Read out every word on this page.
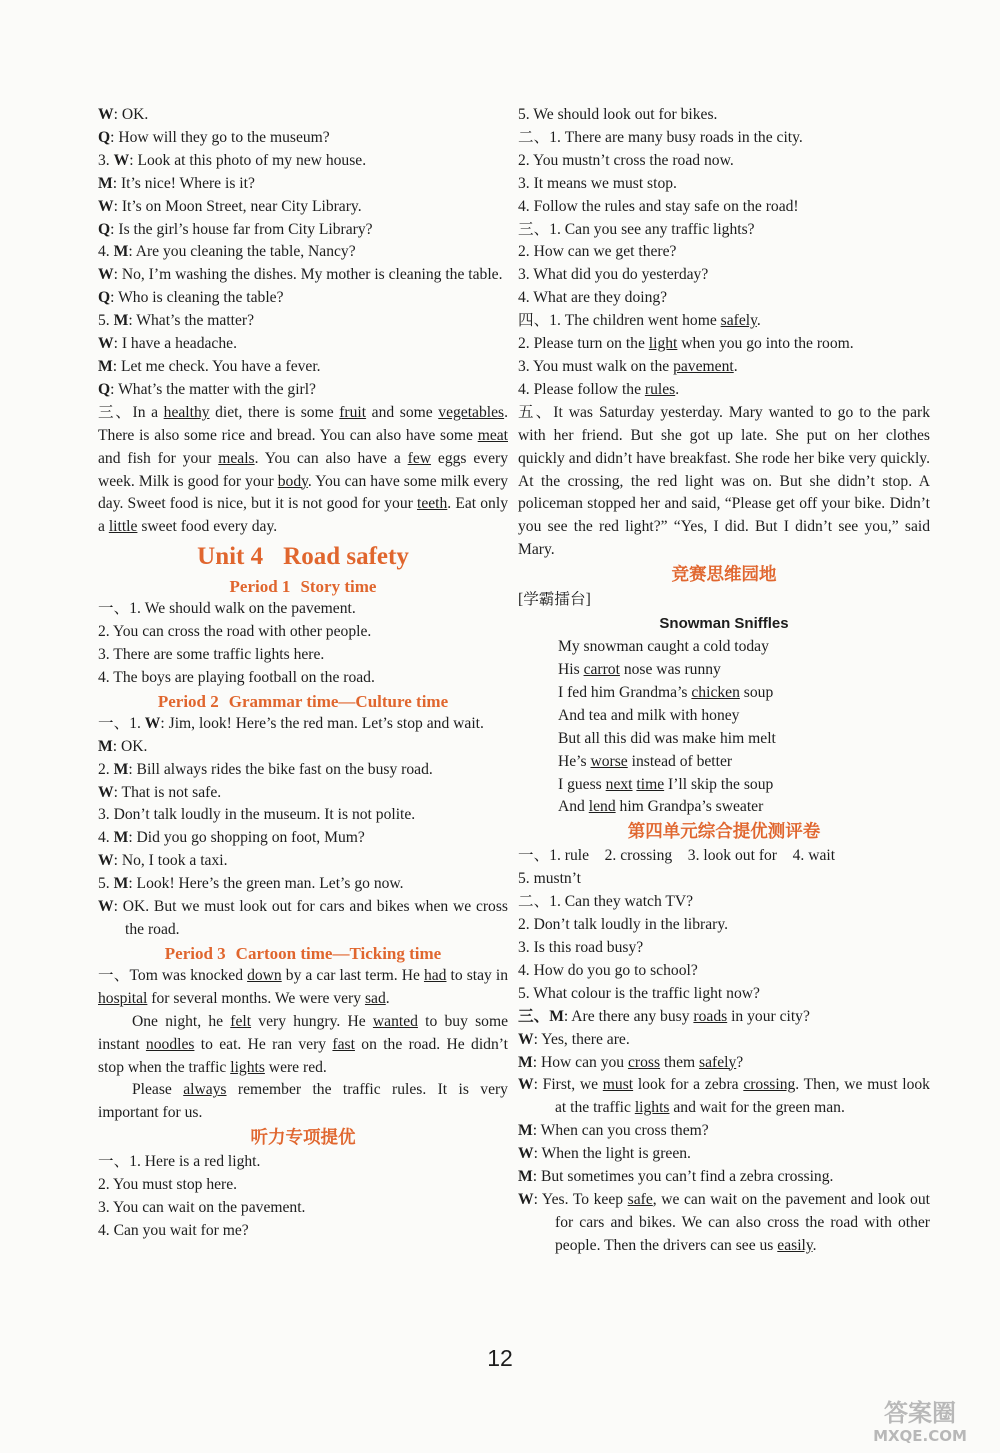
W: OK.
Q: How will they go to the museum?
3. W: Look at this photo of my new house.
M: It’s nice! Where is it?
W: It’s on Moon Street, near City Library.
Q: Is the girl’s house far from City Library?
4. M: Are you cleaning the table, Nancy?
W: No, I’m washing the dishes. My mother is cleaning the table.
Q: Who is cleaning the table?
5. M: What’s the matter?
W: I have a headache.
M: Let me check. You have a fever.
Q: What’s the matter with the girl?
三、In a healthy diet, there is some fruit and some vegetables. There is also some rice and bread. You can also have some meat and fish for your meals. You can also have a few eggs every week. Milk is good for your body. You can have some milk every day. Sweet food is nice, but it is not good for your teeth. Eat only a little sweet food every day.
Unit 4 Road safety
Period 1 Story time
一、1. We should walk on the pavement.
2. You can cross the road with other people.
3. There are some traffic lights here.
4. The boys are playing football on the road.
Period 2 Grammar time—Culture time
一、1. W: Jim, look! Here’s the red man. Let’s stop and wait.
M: OK.
2. M: Bill always rides the bike fast on the busy road.
W: That is not safe.
3. Don’t talk loudly in the museum. It is not polite.
4. M: Did you go shopping on foot, Mum?
W: No, I took a taxi.
5. M: Look! Here’s the green man. Let’s go now.
W: OK. But we must look out for cars and bikes when we cross the road.
Period 3 Cartoon time—Ticking time
一、Tom was knocked down by a car last term. He had to stay in hospital for several months. We were very sad.
One night, he felt very hungry. He wanted to buy some instant noodles to eat. He ran very fast on the road. He didn’t stop when the traffic lights were red.
Please always remember the traffic rules. It is very important for us.
听力专项提优
一、1. Here is a red light.
2. You must stop here.
3. You can wait on the pavement.
4. Can you wait for me?
5. We should look out for bikes.
二、1. There are many busy roads in the city.
2. You mustn’t cross the road now.
3. It means we must stop.
4. Follow the rules and stay safe on the road!
三、1. Can you see any traffic lights?
2. How can we get there?
3. What did you do yesterday?
4. What are they doing?
四、1. The children went home safely.
2. Please turn on the light when you go into the room.
3. You must walk on the pavement.
4. Please follow the rules.
五、It was Saturday yesterday. Mary wanted to go to the park with her friend. But she got up late. She put on her clothes quickly and didn’t have breakfast. She rode her bike very quickly. At the crossing, the red light was on. But she didn’t stop. A policeman stopped her and said, “Please get off your bike. Didn’t you see the red light?” “Yes, I did. But I didn’t see you,” said Mary.
竞赛思维园地
[学霸擂台]
Snowman Sniffles
My snowman caught a cold today
His carrot nose was runny
I fed him Grandma’s chicken soup
And tea and milk with honey
But all this did was make him melt
He’s worse instead of better
I guess next time I’ll skip the soup
And lend him Grandpa’s sweater
第四单元综合提优测评卷
一、1. rule　2. crossing　3. look out for　4. wait
5. mustn’t
二、1. Can they watch TV?
2. Don’t talk loudly in the library.
3. Is this road busy?
4. How do you go to school?
5. What colour is the traffic light now?
三、M: Are there any busy roads in your city?
W: Yes, there are.
M: How can you cross them safely?
W: First, we must look for a zebra crossing. Then, we must look at the traffic lights and wait for the green man.
M: When can you cross them?
W: When the light is green.
M: But sometimes you can’t find a zebra crossing.
W: Yes. To keep safe, we can wait on the pavement and look out for cars and bikes. We can also cross the road with other people. Then the drivers can see us easily.
12
答案圈
MXQE.COM
